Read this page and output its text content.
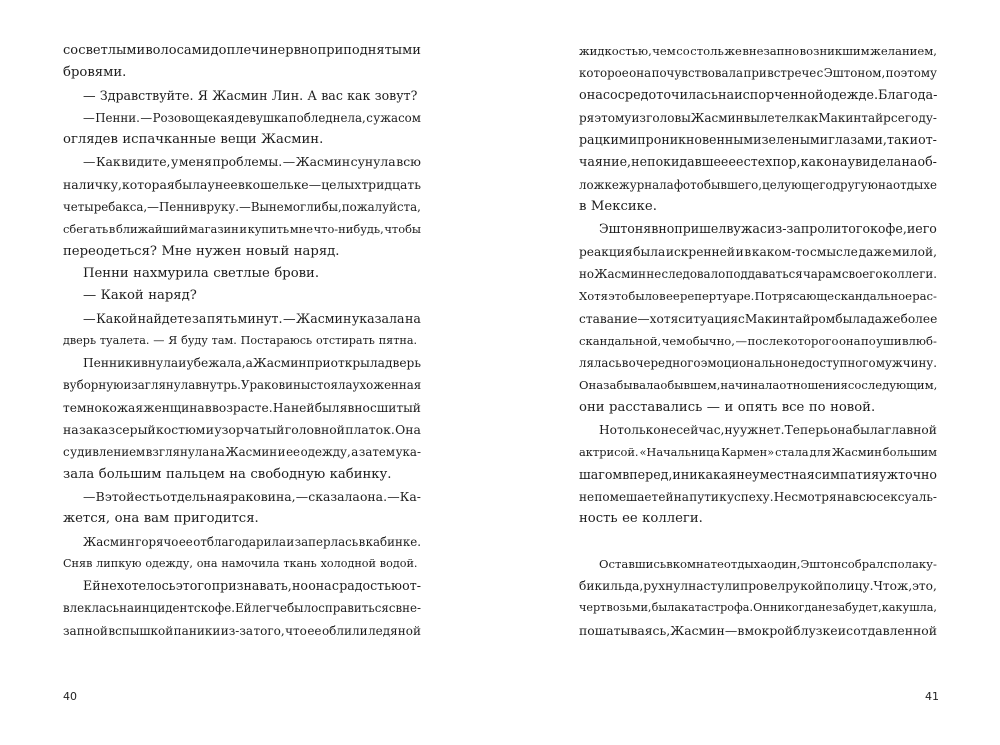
со светлыми волосами до плеч и нервно приподнятыми
бровями.
— Здравствуйте. Я Жасмин Лин. А вас как зовут?
— Пенни. — Розовощекая девушка побледнела, с ужасом
оглядев испачканные вещи Жасмин.
— Как видите, у меня проблемы. — Жасмин сунула всю
наличку, которая была у нее в кошельке — целых тридцать
четыре бакса, — Пенни в руку. — Вы не могли бы, пожалуйста,
сбегать в ближайший магазин и купить мне что-нибудь, чтобы
переодеться? Мне нужен новый наряд.
Пенни нахмурила светлые брови.
— Какой наряд?
— Какой найдете за пять минут. — Жасмин указала на
дверь туалета. — Я буду там. Постараюсь отстирать пятна.
Пенни кивнула и убежала, а Жасмин приоткрыла дверь
в уборную и заглянула внутрь. У раковины стояла ухоженная
темнокожая женщина в возрасте. На ней был явно сшитый
на заказ серый костюм и узорчатый головной платок. Она
с удивлением взглянула на Жасмин и ее одежду, а затем ука-
зала большим пальцем на свободную кабинку.
— В этой есть отдельная раковина, — сказала она. — Ка-
жется, она вам пригодится.
Жасмин горячо ее отблагодарила и заперлась в кабинке.
Сняв липкую одежду, она намочила ткань холодной водой.
Ей не хотелось этого признавать, но она с радостью от-
влеклась на инцидент с кофе. Ей легче было справиться с вне-
запной вспышкой паники из-за того, что ее облили ледяной
жидкостью, чем со столь же внезапно возникшим желанием,
которое она почувствовала при встрече с Эштоном, поэтому
она сосредоточилась на испорченной одежде. Благода-
ря этому из головы Жасмин вылетел как Макинтайр с его ду-
рацкими проникновенными зелеными глазами, так и от-
чаяние, не покидавшее ее с тех пор, как она увидела на об-
ложке журнала фото бывшего, целующего другую на отдыхе
в Мексике.
Эштон явно пришел в ужас из-за пролитого кофе, и его
реакция была искренней и в каком-то смысле даже милой,
но Жасмин не следовало поддаваться чарам своего коллеги.
Хотя это было в ее репертуаре. Потрясающе скандальное рас-
ставание — хотя ситуация с Макинтайром была даже более
скандальной, чем обычно, — после которого она по уши влюб-
лялась в очередного эмоционально недоступного мужчину.
Она забывала о бывшем, начинала отношения со следующим,
они расставались — и опять все по новой.
Но только не сейчас, ну уж нет. Теперь она была главной
актрисой. «Начальница Кармен» стала для Жасмин большим
шагом вперед, и никакая неуместная симпатия уж точно
не помешает ей на пути к успеху. Несмотря на всю сексуаль-
ность ее коллеги.
Оставшись в комнате отдыха один, Эштон собрал с пола ку-
бики льда, рухнул на стул и провел рукой по лицу. Что ж, это,
черт возьми, была катастрофа. Он никогда не забудет, как ушла,
пошатываясь, Жасмин — в мокрой блузке и с отдавленной
40	41
